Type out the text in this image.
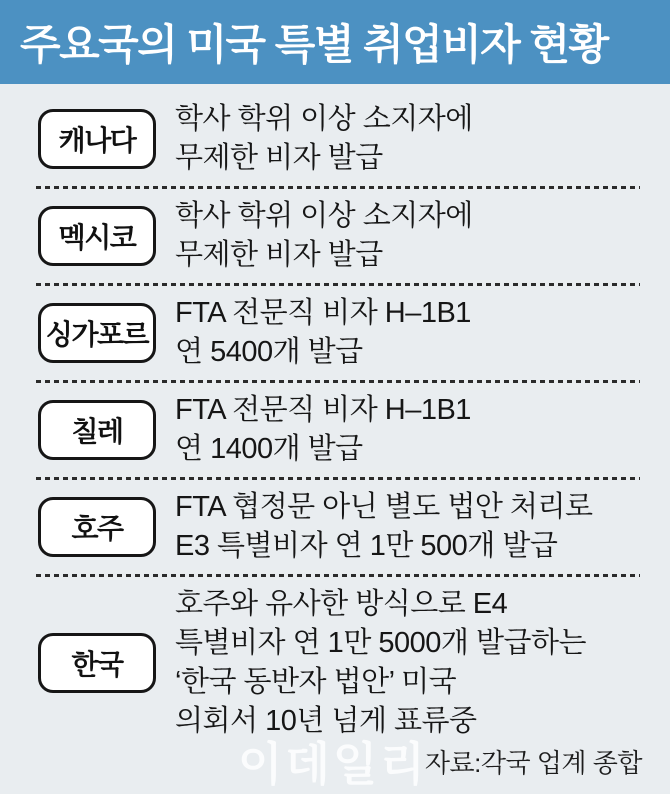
주요국의 미국 특별 취업비자 현황
캐나다
학사 학위 이상 소지자에
무제한 비자 발급
멕시코
학사 학위 이상 소지자에
무제한 비자 발급
싱가포르
FTA 전문직 비자 H–1B1
연 5400개 발급
칠레
FTA 전문직 비자 H–1B1
연 1400개 발급
호주
FTA 협정문 아닌 별도 법안 처리로
E3 특별비자 연 1만 500개 발급
한국
호주와 유사한 방식으로 E4
특별비자 연 1만 5000개 발급하는
‘한국 동반자 법안’ 미국
의회서 10년 넘게 표류중
이데일리
자료:각국 업계 종합
